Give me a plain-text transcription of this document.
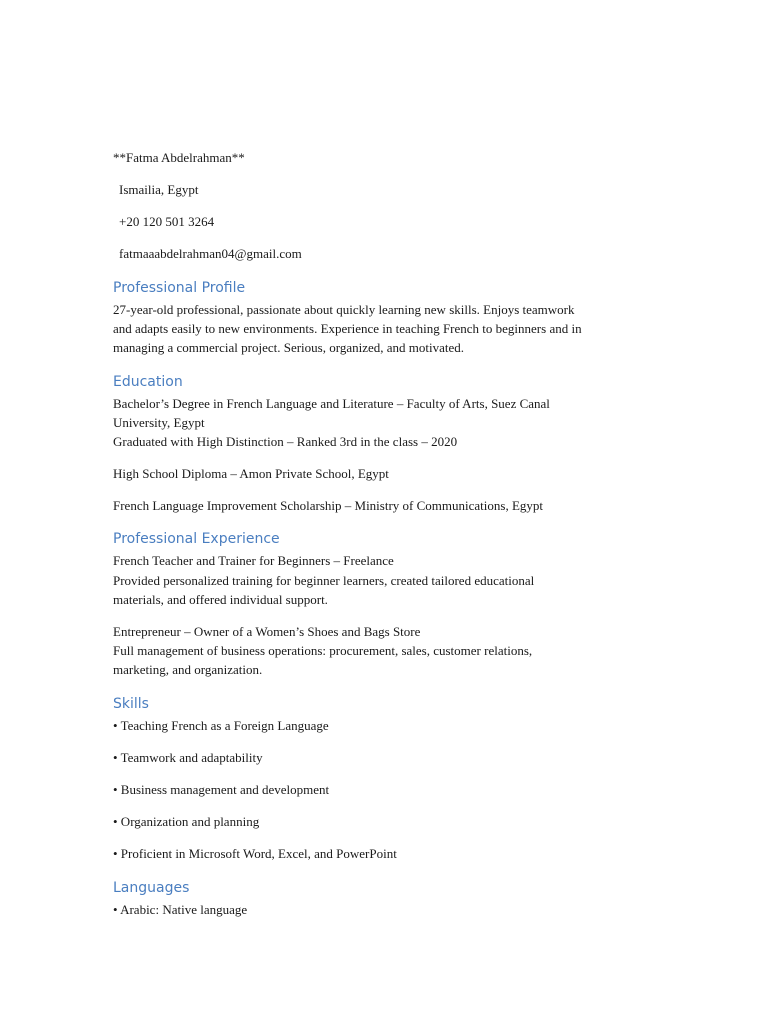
**Fatma Abdelrahman**
Ismailia, Egypt
+20 120 501 3264
fatmaaabdelrahman04@gmail.com
Professional Profile
27-year-old professional, passionate about quickly learning new skills. Enjoys teamwork
and adapts easily to new environments. Experience in teaching French to beginners and in
managing a commercial project. Serious, organized, and motivated.
Education
Bachelor’s Degree in French Language and Literature – Faculty of Arts, Suez Canal
University, Egypt
Graduated with High Distinction – Ranked 3rd in the class – 2020
High School Diploma – Amon Private School, Egypt
French Language Improvement Scholarship – Ministry of Communications, Egypt
Professional Experience
French Teacher and Trainer for Beginners – Freelance
Provided personalized training for beginner learners, created tailored educational
materials, and offered individual support.
Entrepreneur – Owner of a Women’s Shoes and Bags Store
Full management of business operations: procurement, sales, customer relations,
marketing, and organization.
Skills
• Teaching French as a Foreign Language
• Teamwork and adaptability
• Business management and development
• Organization and planning
• Proficient in Microsoft Word, Excel, and PowerPoint
Languages
• Arabic: Native language
